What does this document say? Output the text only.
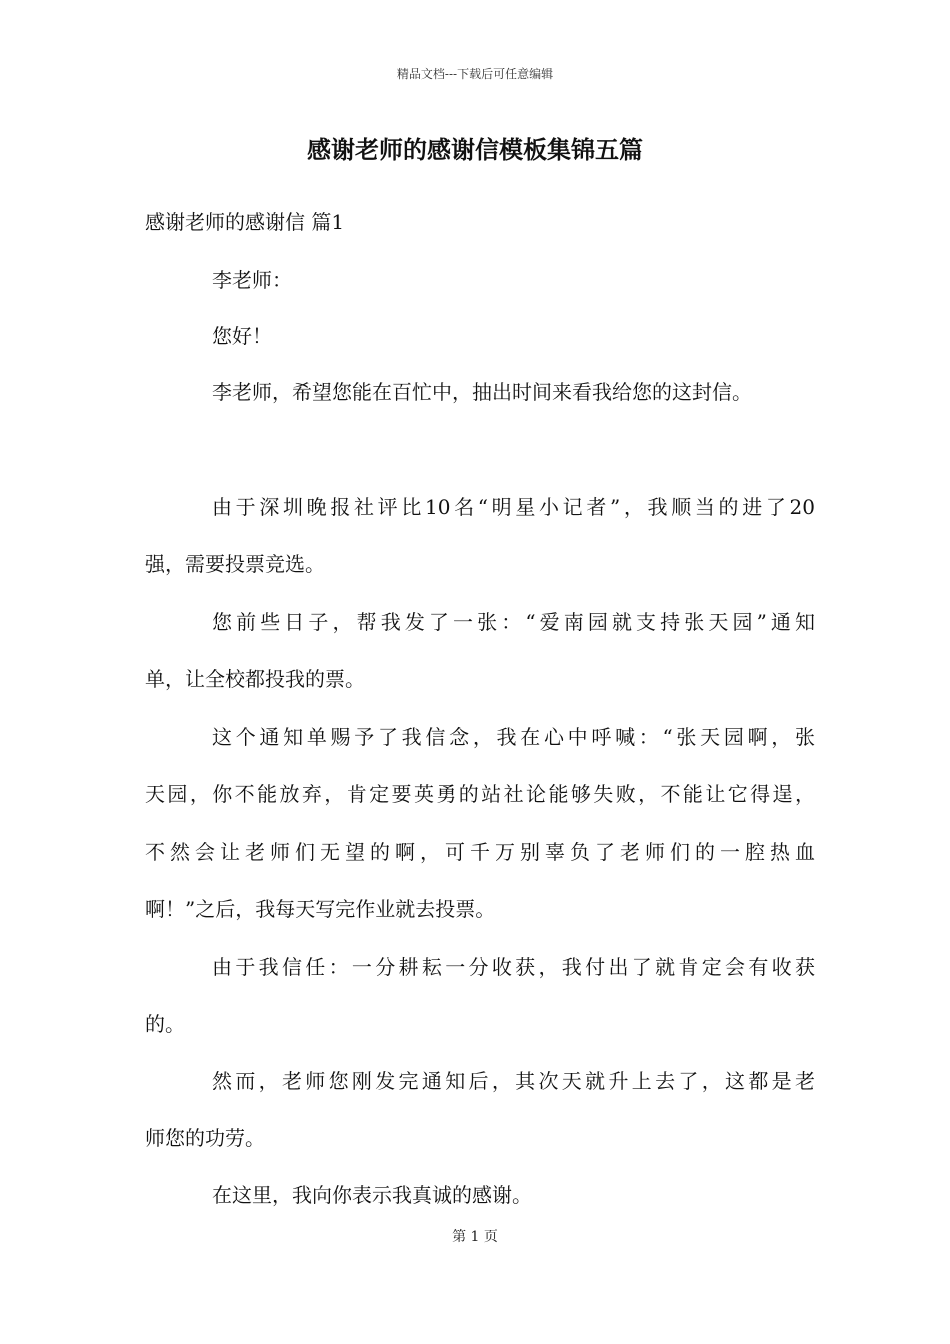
精品文档---下载后可任意编辑
感谢老师的感谢信模板集锦五篇
感谢老师的感谢信 篇1
李老师：
您好！
李老师，希望您能在百忙中，抽出时间来看我给您的这封信。
由于深圳晚报社评比10名“明星小记者”，我顺当的进了20
强，需要投票竞选。
您前些日子，帮我发了一张：“爱南园就支持张天园”通知
单，让全校都投我的票。
这个通知单赐予了我信念，我在心中呼喊：“张天园啊，张
天园，你不能放弃，肯定要英勇的站社论能够失败，不能让它得逞，
不然会让老师们无望的啊，可千万别辜负了老师们的一腔热血
啊！”之后，我每天写完作业就去投票。
由于我信任：一分耕耘一分收获，我付出了就肯定会有收获
的。
然而，老师您刚发完通知后，其次天就升上去了，这都是老
师您的功劳。
在这里，我向你表示我真诚的感谢。
第 1 页
